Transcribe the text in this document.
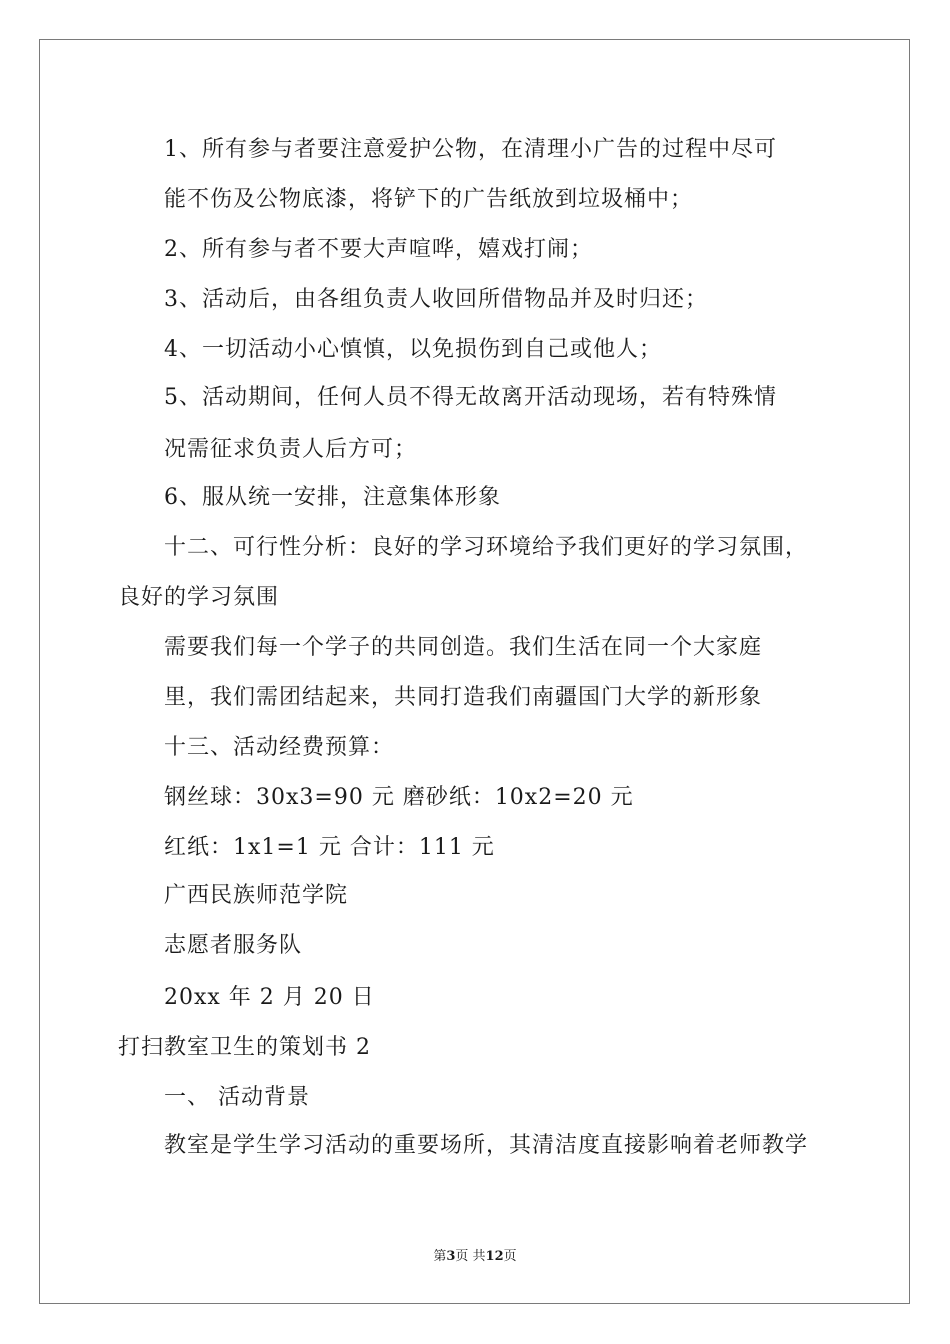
1、所有参与者要注意爱护公物，在清理小广告的过程中尽可
能不伤及公物底漆，将铲下的广告纸放到垃圾桶中；
2、所有参与者不要大声喧哗，嬉戏打闹；
3、活动后，由各组负责人收回所借物品并及时归还；
4、一切活动小心慎慎，以免损伤到自己或他人；
5、活动期间，任何人员不得无故离开活动现场，若有特殊情
况需征求负责人后方可；
6、服从统一安排，注意集体形象
十二、可行性分析：良好的学习环境给予我们更好的学习氛围，
良好的学习氛围
需要我们每一个学子的共同创造。我们生活在同一个大家庭
里，我们需团结起来，共同打造我们南疆国门大学的新形象
十三、活动经费预算：
钢丝球：30x3=90 元 磨砂纸：10x2=20 元
红纸：1x1=1 元 合计：111 元
广西民族师范学院
志愿者服务队
20xx 年 2 月 20 日
打扫教室卫生的策划书 2
一、 活动背景
教室是学生学习活动的重要场所，其清洁度直接影响着老师教学
第3页 共12页
